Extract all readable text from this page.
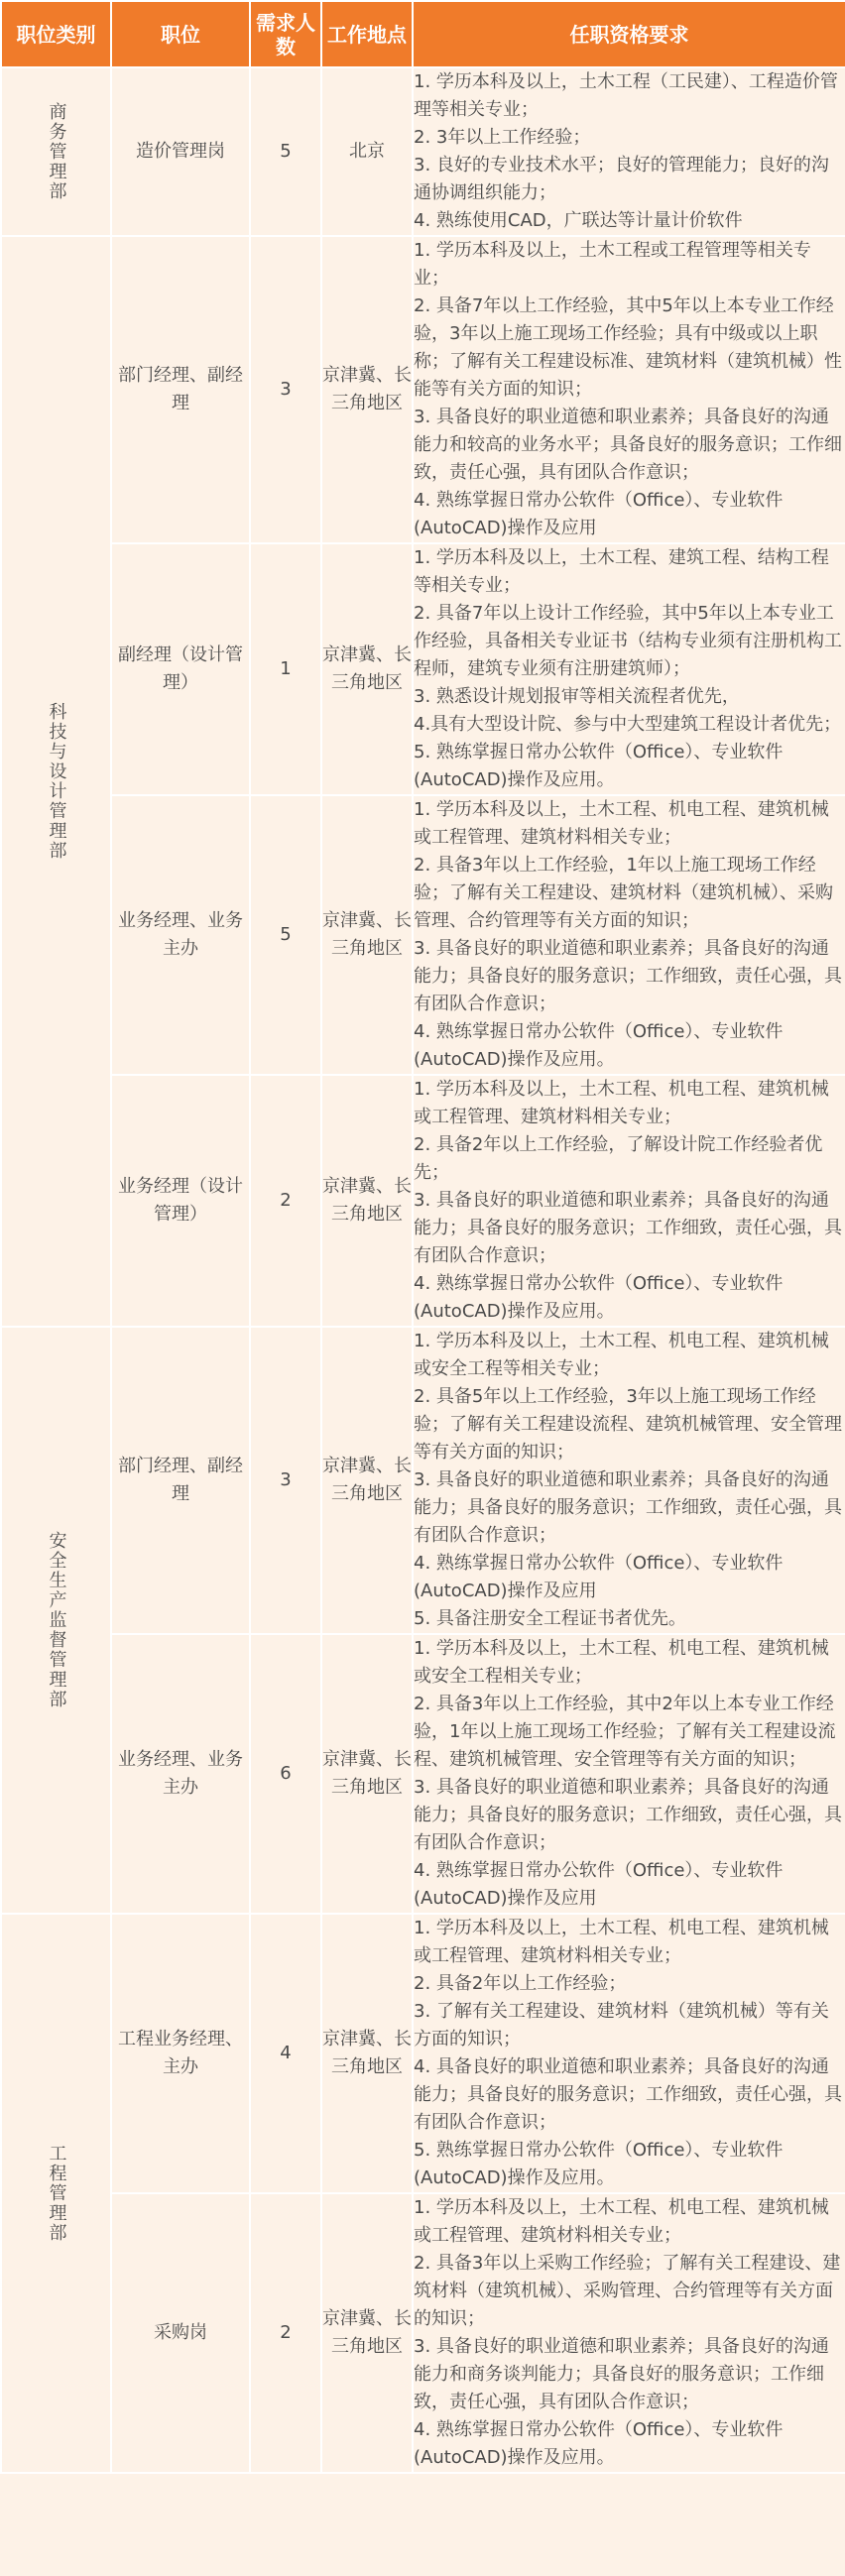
职位类别	职位	需求人数	工作地点	任职资格要求
商务管理部	造价管理岗	5	北京	1. 学历本科及以上，土木工程（工民建）、工程造价管理等相关专业；
2. 3年以上工作经验；
3. 良好的专业技术水平；良好的管理能力；良好的沟通协调组织能力；
4. 熟练使用CAD，广联达等计量计价软件

科技与设计管理部	部门经理、副经理	3	京津冀、长三角地区	1. 学历本科及以上，土木工程或工程管理等相关专业；
2. 具备7年以上工作经验，其中5年以上本专业工作经验，3年以上施工现场工作经验；具有中级或以上职称；了解有关工程建设标准、建筑材料（建筑机械）性能等有关方面的知识；
3. 具备良好的职业道德和职业素养；具备良好的沟通能力和较高的业务水平；具备良好的服务意识；工作细致，责任心强，具有团队合作意识；
4. 熟练掌握日常办公软件（Office）、专业软件(AutoCAD)操作及应用

	副经理（设计管理）	1	京津冀、长三角地区	1. 学历本科及以上，土木工程、建筑工程、结构工程等相关专业；
2. 具备7年以上设计工作经验，其中5年以上本专业工作经验，具备相关专业证书（结构专业须有注册机构工程师，建筑专业须有注册建筑师）；
3. 熟悉设计规划报审等相关流程者优先，
4.具有大型设计院、参与中大型建筑工程设计者优先；
5. 熟练掌握日常办公软件（Office）、专业软件(AutoCAD)操作及应用。

	业务经理、业务主办	5	京津冀、长三角地区	1. 学历本科及以上，土木工程、机电工程、建筑机械或工程管理、建筑材料相关专业；
2. 具备3年以上工作经验，1年以上施工现场工作经验；了解有关工程建设、建筑材料（建筑机械）、采购管理、合约管理等有关方面的知识；
3. 具备良好的职业道德和职业素养；具备良好的沟通能力；具备良好的服务意识；工作细致，责任心强，具有团队合作意识；
4. 熟练掌握日常办公软件（Office）、专业软件(AutoCAD)操作及应用。

	业务经理（设计管理）	2	京津冀、长三角地区	1. 学历本科及以上，土木工程、机电工程、建筑机械或工程管理、建筑材料相关专业；
2. 具备2年以上工作经验，了解设计院工作经验者优先；
3. 具备良好的职业道德和职业素养；具备良好的沟通能力；具备良好的服务意识；工作细致，责任心强，具有团队合作意识；
4. 熟练掌握日常办公软件（Office）、专业软件(AutoCAD)操作及应用。

安全生产监督管理部	部门经理、副经理	3	京津冀、长三角地区	1. 学历本科及以上，土木工程、机电工程、建筑机械或安全工程等相关专业；
2. 具备5年以上工作经验，3年以上施工现场工作经验；了解有关工程建设流程、建筑机械管理、安全管理等有关方面的知识；
3. 具备良好的职业道德和职业素养；具备良好的沟通能力；具备良好的服务意识；工作细致，责任心强，具有团队合作意识；
4. 熟练掌握日常办公软件（Office）、专业软件(AutoCAD)操作及应用
5. 具备注册安全工程证书者优先。

	业务经理、业务主办	6	京津冀、长三角地区	1. 学历本科及以上，土木工程、机电工程、建筑机械或安全工程相关专业；
2. 具备3年以上工作经验，其中2年以上本专业工作经验，1年以上施工现场工作经验；了解有关工程建设流程、建筑机械管理、安全管理等有关方面的知识；
3. 具备良好的职业道德和职业素养；具备良好的沟通能力；具备良好的服务意识；工作细致，责任心强，具有团队合作意识；
4. 熟练掌握日常办公软件（Office）、专业软件(AutoCAD)操作及应用

工程管理部	工程业务经理、主办	4	京津冀、长三角地区	1. 学历本科及以上，土木工程、机电工程、建筑机械或工程管理、建筑材料相关专业；
2. 具备2年以上工作经验；
3. 了解有关工程建设、建筑材料（建筑机械）等有关方面的知识；
4. 具备良好的职业道德和职业素养；具备良好的沟通能力；具备良好的服务意识；工作细致，责任心强，具有团队合作意识；
5. 熟练掌握日常办公软件（Office）、专业软件(AutoCAD)操作及应用。

	采购岗	2	京津冀、长三角地区	1. 学历本科及以上，土木工程、机电工程、建筑机械或工程管理、建筑材料相关专业；
2. 具备3年以上采购工作经验；了解有关工程建设、建筑材料（建筑机械）、采购管理、合约管理等有关方面的知识；
3. 具备良好的职业道德和职业素养；具备良好的沟通能力和商务谈判能力；具备良好的服务意识；工作细致，责任心强，具有团队合作意识；
4. 熟练掌握日常办公软件（Office）、专业软件(AutoCAD)操作及应用。
